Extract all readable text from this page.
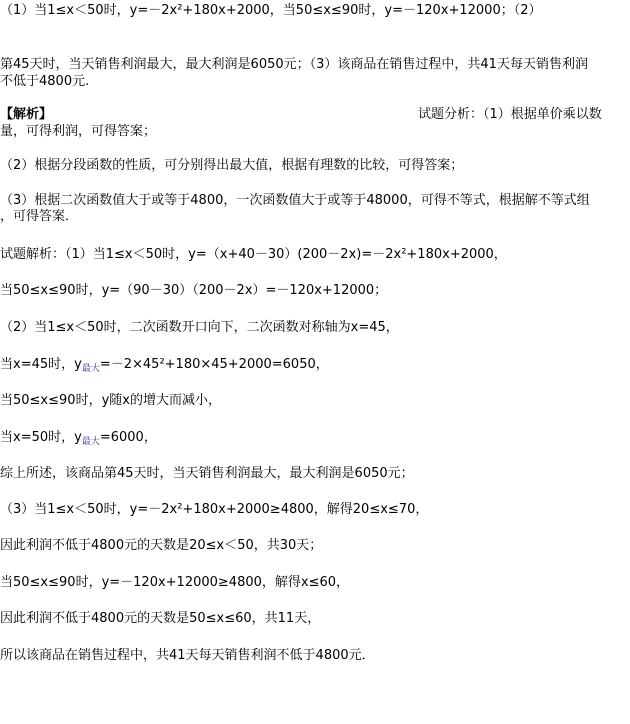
（1）当1≤x＜50时，y=－2x²+180x+2000，当50≤x≤90时，y=－120x+12000；（2）
第45天时，当天销售利润最大，最大利润是6050元；（3）该商品在销售过程中，共41天每天销售利润
不低于4800元.
【解析】	试题分析：（1）根据单价乘以数
量，可得利润，可得答案；
（2）根据分段函数的性质，可分别得出最大值，根据有理数的比较，可得答案；
（3）根据二次函数值大于或等于4800，一次函数值大于或等于48000，可得不等式，根据解不等式组
，可得答案．
试题解析：（1）当1≤x＜50时，y=（x+40－30）(200－2x)=－2x²+180x+2000，
当50≤x≤90时，y=（90－30）（200－2x）=－120x+12000；
（2）当1≤x＜50时，二次函数开口向下，二次函数对称轴为x=45，
当x=45时，$y_{最大}=-2\times 45^2+180\times 45+2000=6050$，
当50≤x≤90时，y随x的增大而减小，
当x=50时，$y_{最大}=6000$，
综上所述，该商品第45天时，当天销售利润最大，最大利润是6050元；
（3）当1≤x＜50时，y=－2x²+180x+2000≥4800，解得20≤x≤70，
因此利润不低于4800元的天数是20≤x＜50，共30天；
当50≤x≤90时，y=－120x+12000≥4800，解得x≤60，
因此利润不低于4800元的天数是50≤x≤60，共11天，
所以该商品在销售过程中，共41天每天销售利润不低于4800元．
